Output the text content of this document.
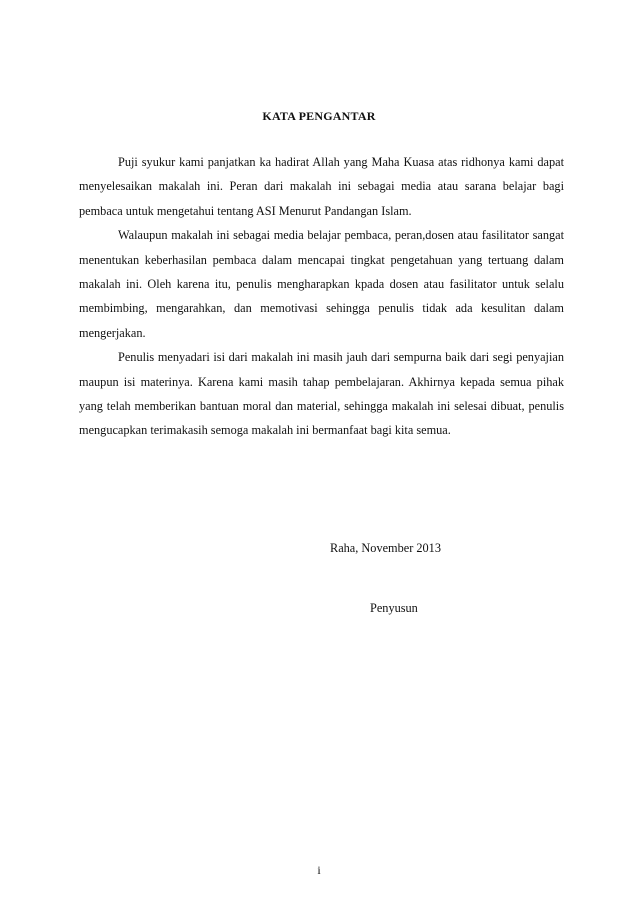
KATA PENGANTAR

Puji syukur kami panjatkan ka hadirat Allah yang Maha Kuasa atas ridhonya kami dapat menyelesaikan makalah ini. Peran dari makalah ini sebagai media atau sarana belajar bagi pembaca untuk mengetahui tentang ASI Menurut Pandangan Islam.

Walaupun makalah ini sebagai media belajar pembaca, peran,dosen atau fasilitator sangat menentukan keberhasilan pembaca dalam mencapai tingkat pengetahuan yang tertuang dalam makalah ini. Oleh karena itu, penulis mengharapkan kpada dosen atau fasilitator untuk selalu membimbing, mengarahkan, dan memotivasi sehingga penulis tidak ada kesulitan dalam mengerjakan.

Penulis menyadari isi dari makalah ini masih jauh dari sempurna baik dari segi penyajian maupun isi materinya. Karena kami masih tahap pembelajaran. Akhirnya kepada semua pihak yang telah memberikan bantuan moral dan material, sehingga makalah ini selesai dibuat, penulis mengucapkan terimakasih semoga makalah ini bermanfaat bagi kita semua.

Raha, November 2013
Penyusun
i
